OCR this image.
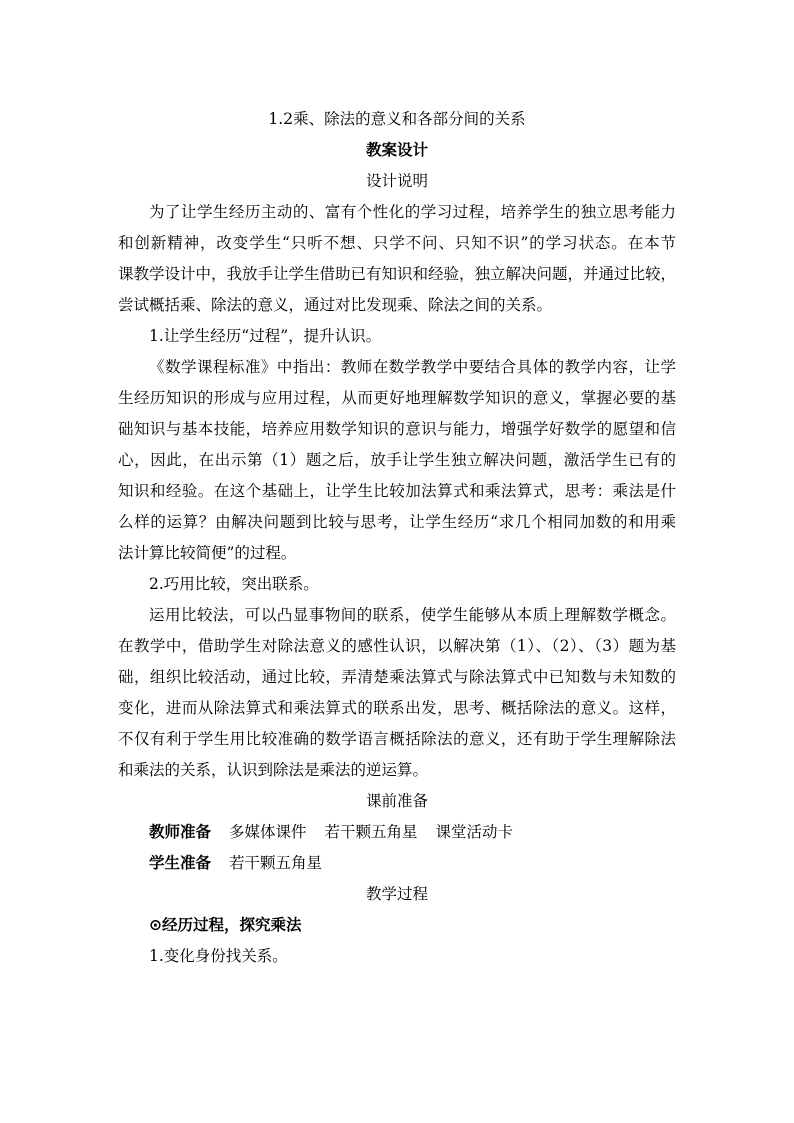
1.2乘、除法的意义和各部分间的关系
教案设计
设计说明
为了让学生经历主动的、富有个性化的学习过程，培养学生的独立思考能力
和创新精神，改变学生“只听不想、只学不问、只知不识”的学习状态。在本节
课教学设计中，我放手让学生借助已有知识和经验，独立解决问题，并通过比较，
尝试概括乘、除法的意义，通过对比发现乘、除法之间的关系。
1.让学生经历“过程”，提升认识。
《数学课程标准》中指出：教师在数学教学中要结合具体的教学内容，让学
生经历知识的形成与应用过程，从而更好地理解数学知识的意义，掌握必要的基
础知识与基本技能，培养应用数学知识的意识与能力，增强学好数学的愿望和信
心，因此，在出示第（1）题之后，放手让学生独立解决问题，激活学生已有的
知识和经验。在这个基础上，让学生比较加法算式和乘法算式，思考：乘法是什
么样的运算？由解决问题到比较与思考，让学生经历“求几个相同加数的和用乘
法计算比较简便”的过程。
2.巧用比较，突出联系。
运用比较法，可以凸显事物间的联系，使学生能够从本质上理解数学概念。
在教学中，借助学生对除法意义的感性认识，以解决第（1）、（2）、（3）题为基
础，组织比较活动，通过比较，弄清楚乘法算式与除法算式中已知数与未知数的
变化，进而从除法算式和乘法算式的联系出发，思考、概括除法的意义。这样，
不仅有利于学生用比较准确的数学语言概括除法的意义，还有助于学生理解除法
和乘法的关系，认识到除法是乘法的逆运算。
课前准备
教师准备 多媒体课件 若干颗五角星 课堂活动卡
学生准备 若干颗五角星
教学过程
⊙经历过程，探究乘法
1.变化身份找关系。
